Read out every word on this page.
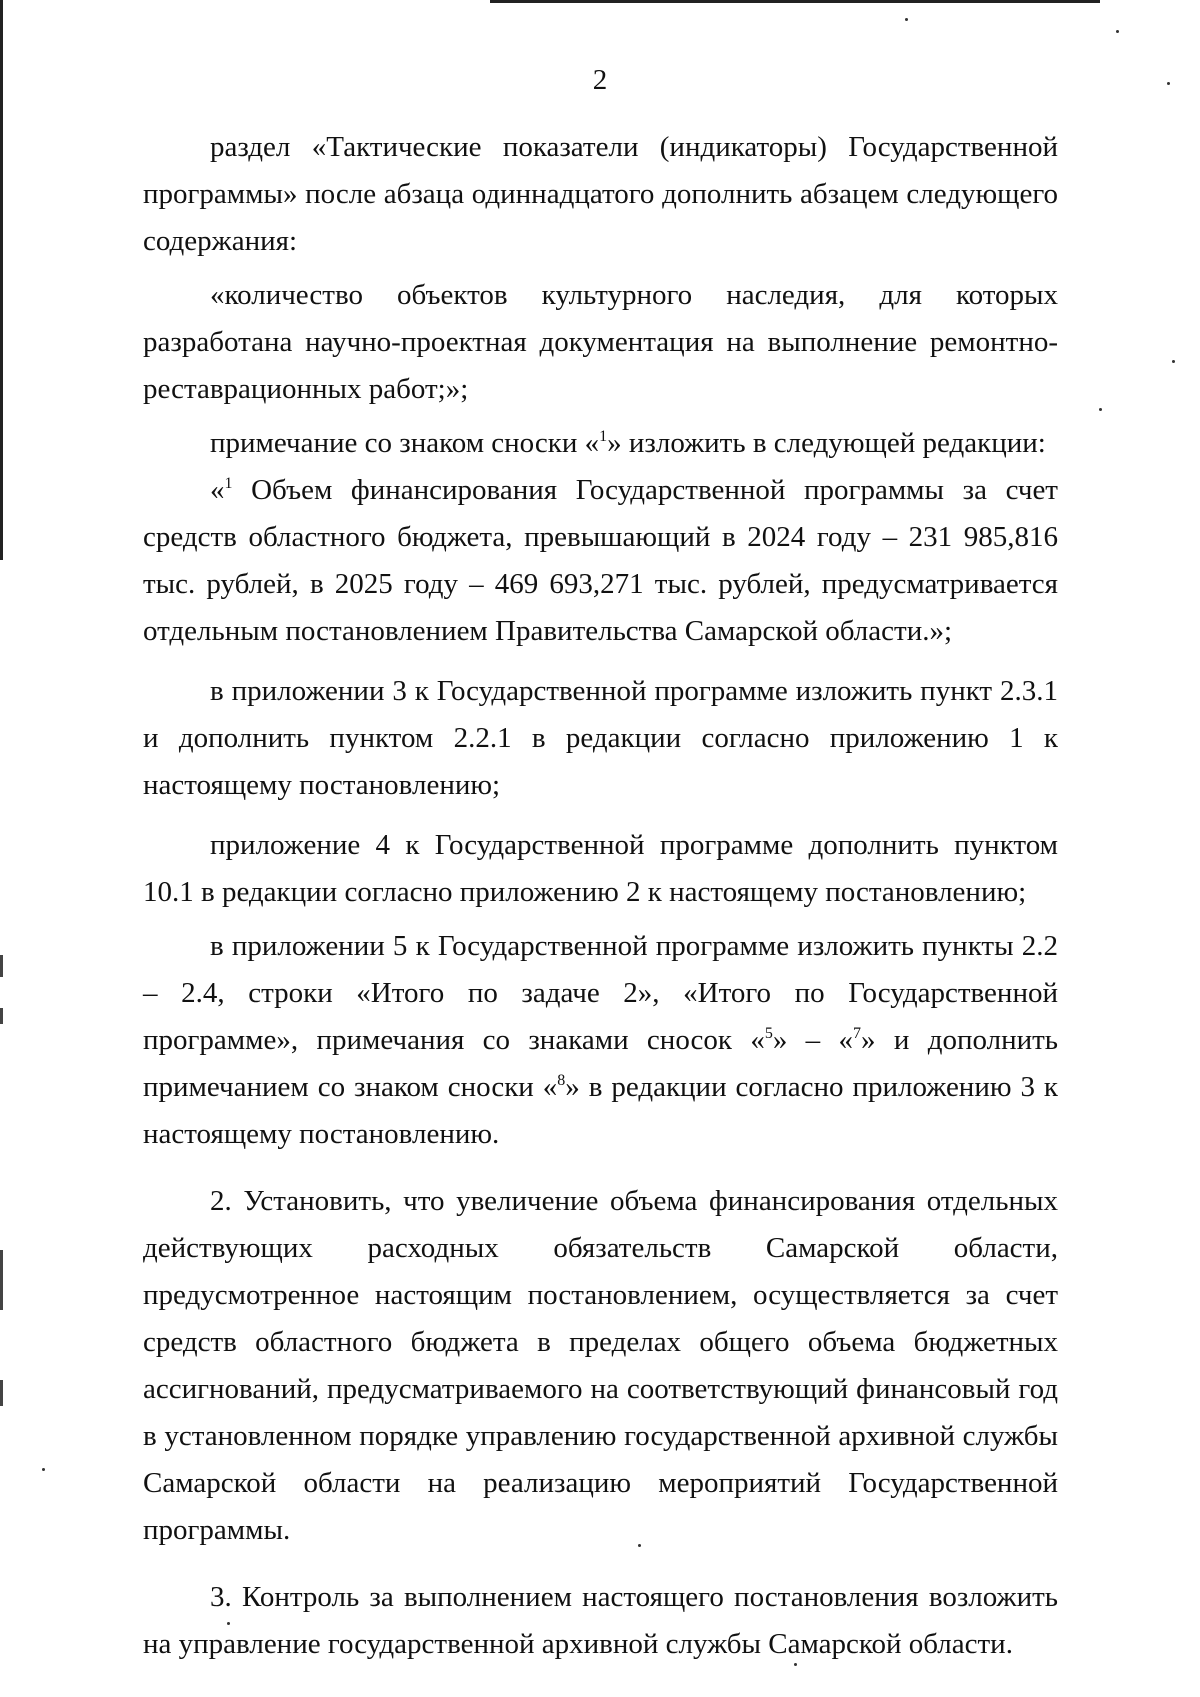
2

раздел «Тактические показатели (индикаторы) Государственной программы» после абзаца одиннадцатого дополнить абзацем следующего содержания:

«количество объектов культурного наследия, для которых разработана научно-проектная документация на выполнение ремонтно-реставрационных работ;»;

примечание со знаком сноски «$^1$» изложить в следующей редакции:

«$^1$ Объем финансирования Государственной программы за счет средств областного бюджета, превышающий в 2024 году – 231 985,816 тыс. рублей, в 2025 году – 469 693,271 тыс. рублей, предусматривается отдельным постановлением Правительства Самарской области.»;

в приложении 3 к Государственной программе изложить пункт 2.3.1 и дополнить пунктом 2.2.1 в редакции согласно приложению 1 к настоящему постановлению;

приложение 4 к Государственной программе дополнить пунктом 10.1 в редакции согласно приложению 2 к настоящему постановлению;

в приложении 5 к Государственной программе изложить пункты 2.2 – 2.4, строки «Итого по задаче 2», «Итого по Государственной программе», примечания со знаками сносок «$^5$» – «$^7$» и дополнить примечанием со знаком сноски «$^8$» в редакции согласно приложению 3 к настоящему постановлению.

2. Установить, что увеличение объема финансирования отдельных действующих расходных обязательств Самарской области, предусмотренное настоящим постановлением, осуществляется за счет средств областного бюджета в пределах общего объема бюджетных ассигнований, предусматриваемого на соответствующий финансовый год в установленном порядке управлению государственной архивной службы Самарской области на реализацию мероприятий Государственной программы.

3. Контроль за выполнением настоящего постановления возложить на управление государственной архивной службы Самарской области.
